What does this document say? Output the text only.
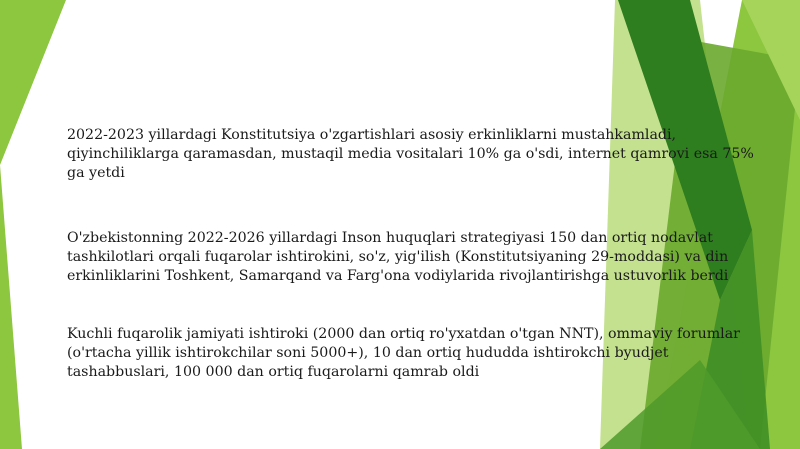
2022-2023 yillardagi Konstitutsiya o'zgartishlari asosiy erkinliklarni mustahkamladi, qiyinchiliklarga qaramasdan, mustaqil media vositalari 10% ga o'sdi, internet qamrovi esa 75% ga yetdi

O'zbekistonning 2022-2026 yillardagi Inson huquqlari strategiyasi 150 dan ortiq nodavlat tashkilotlari orqali fuqarolar ishtirokini, so'z, yig'ilish (Konstitutsiyaning 29-moddasi) va din erkinliklarini Toshkent, Samarqand va Farg'ona vodiylarida rivojlantirishga ustuvorlik berdi

Kuchli fuqarolik jamiyati ishtiroki (2000 dan ortiq ro'yxatdan o'tgan NNT), ommaviy forumlar (o'rtacha yillik ishtirokchilar soni 5000+), 10 dan ortiq hududda ishtirokchi byudjet tashabbuslari, 100 000 dan ortiq fuqarolarni qamrab oldi
